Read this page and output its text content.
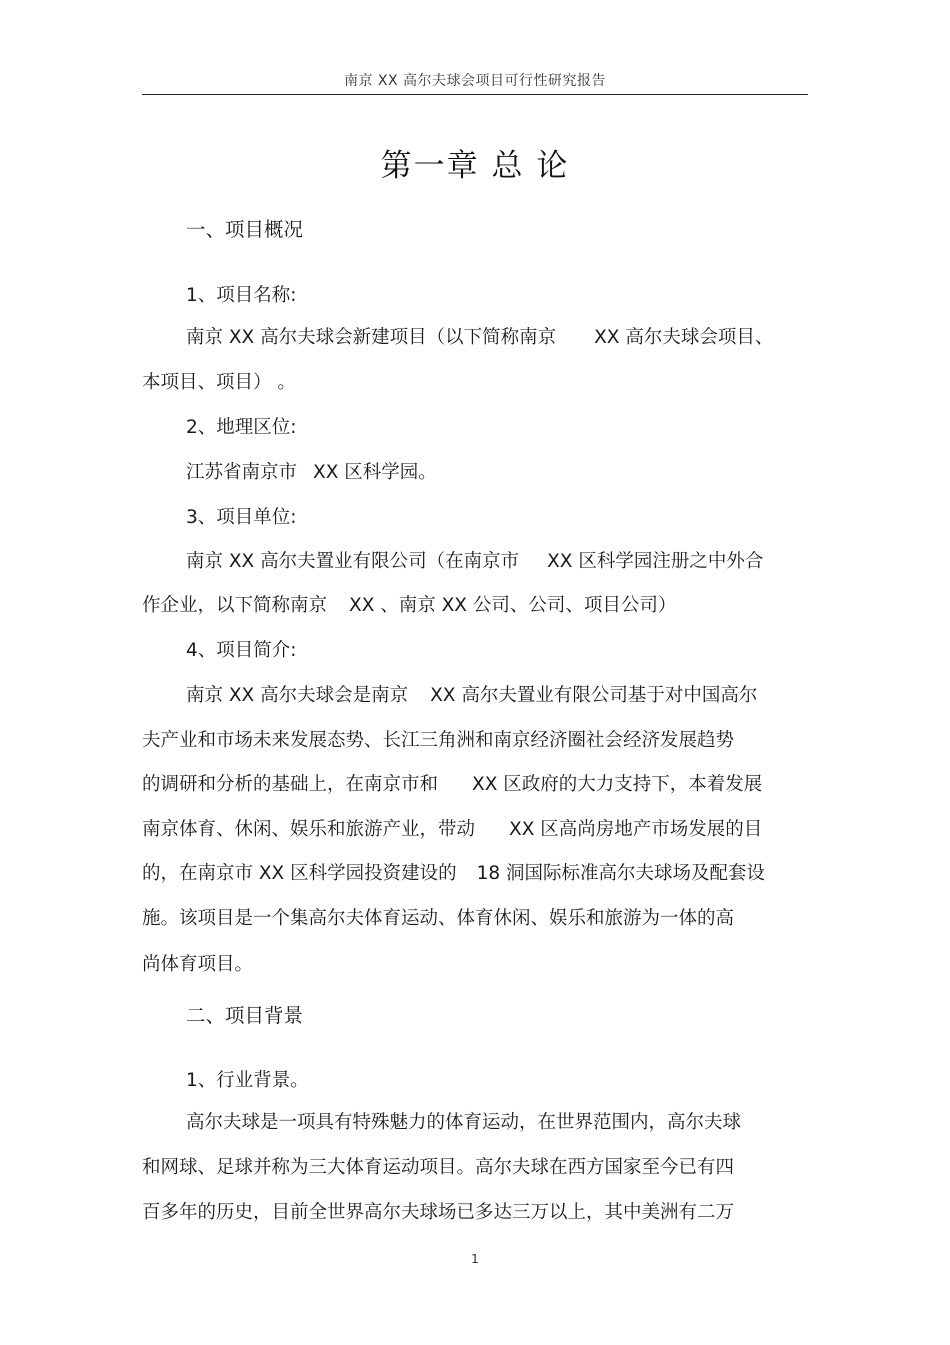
南京 XX 高尔夫球会项目可行性研究报告
第一章 总 论
一、项目概况
1、项目名称:
南京 XX 高尔夫球会新建项目（以下简称南京 XX 高尔夫球会项目、
本项目、项目） 。
2、地理区位:
江苏省南京市 XX 区科学园。
3、项目单位:
南京 XX 高尔夫置业有限公司（在南京市 XX 区科学园注册之中外合
作企业，以下简称南京 XX 、南京 XX 公司、公司、项目公司）
4、项目简介:
南京 XX 高尔夫球会是南京 XX 高尔夫置业有限公司基于对中国高尔
夫产业和市场未来发展态势、长江三角洲和南京经济圈社会经济发展趋势
的调研和分析的基础上，在南京市和 XX 区政府的大力支持下，本着发展
南京体育、休闲、娱乐和旅游产业，带动 XX 区高尚房地产市场发展的目
的，在南京市 XX 区科学园投资建设的 18 洞国际标准高尔夫球场及配套设
施。该项目是一个集高尔夫体育运动、体育休闲、娱乐和旅游为一体的高
尚体育项目。
二、项目背景
1、行业背景。
高尔夫球是一项具有特殊魅力的体育运动，在世界范围内，高尔夫球
和网球、足球并称为三大体育运动项目。高尔夫球在西方国家至今已有四
百多年的历史，目前全世界高尔夫球场已多达三万以上，其中美洲有二万
1
